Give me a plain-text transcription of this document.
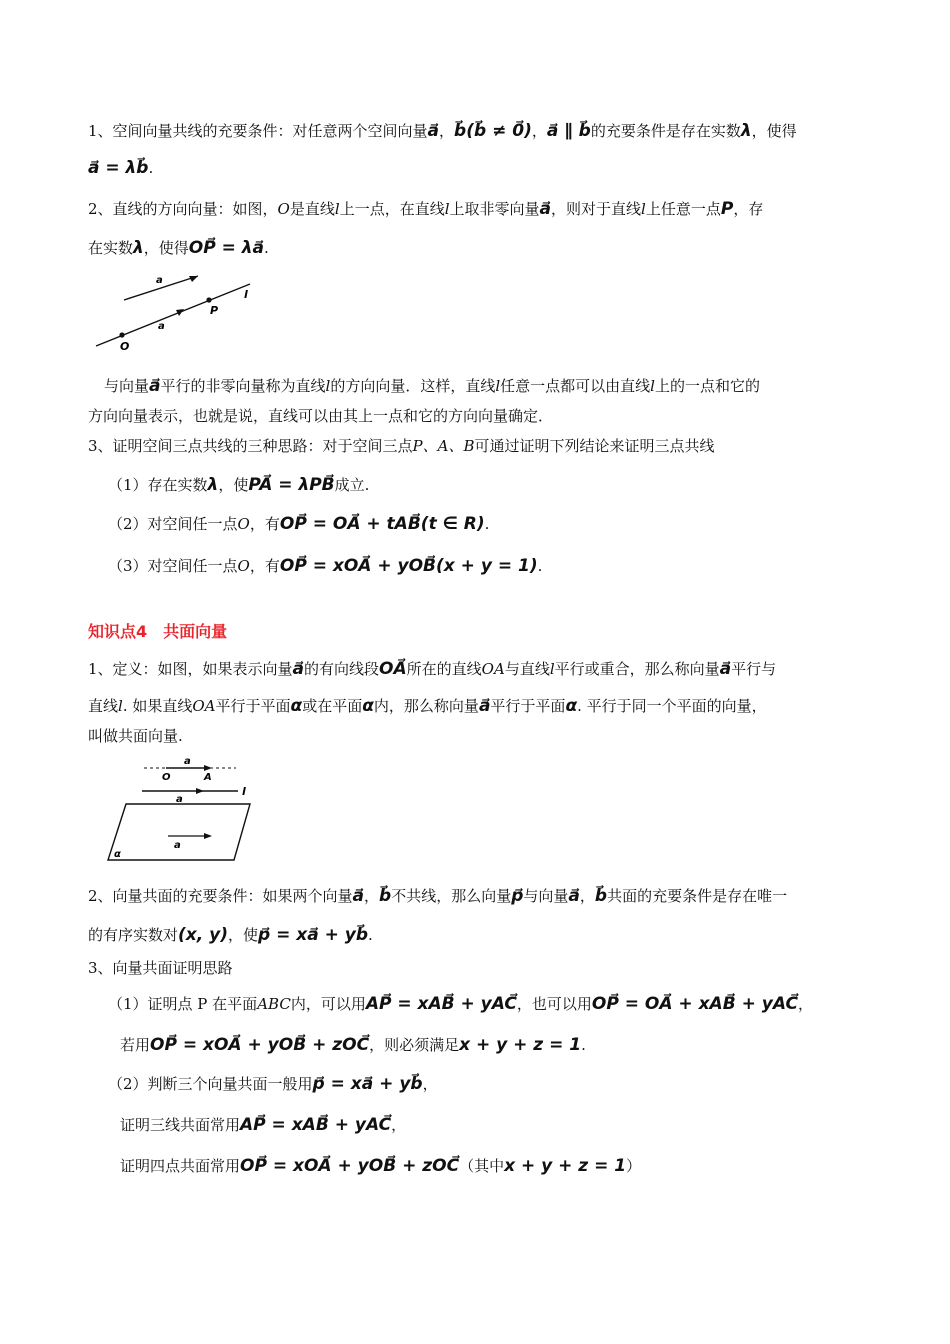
1、空间向量共线的充要条件：对任意两个空间向量a⃗，b⃗(b⃗ ≠ 0⃗)，a⃗ ∥ b⃗的充要条件是存在实数λ，使得
a⃗ = λb⃗.
2、直线的方向向量：如图，O是直线l上一点，在直线l上取非零向量a⃗，则对于直线l上任意一点P，存
在实数λ，使得OP⃗ = λa⃗.
a
l
P
a
O
与向量a⃗平行的非零向量称为直线l的方向向量．这样，直线l任意一点都可以由直线l上的一点和它的
方向向量表示，也就是说，直线可以由其上一点和它的方向向量确定．
3、证明空间三点共线的三种思路：对于空间三点P、A、B可通过证明下列结论来证明三点共线
（1）存在实数λ，使PA⃗ = λPB⃗成立.
（2）对空间任一点O，有OP⃗ = OA⃗ + tAB⃗(t ∈ R).
（3）对空间任一点O，有OP⃗ = xOA⃗ + yOB⃗(x + y = 1).
知识点4　共面向量
1、定义：如图，如果表示向量a⃗的有向线段OA⃗所在的直线OA与直线l平行或重合，那么称向量a⃗平行与
直线l. 如果直线OA平行于平面α或在平面α内，那么称向量a⃗平行于平面α. 平行于同一个平面的向量，
叫做共面向量.
a
O	A
l
a
a
α
2、向量共面的充要条件：如果两个向量a⃗，b⃗不共线，那么向量p⃗与向量a⃗，b⃗共面的充要条件是存在唯一
的有序实数对(x, y)，使p⃗ = xa⃗ + yb⃗.
3、向量共面证明思路
（1）证明点 P 在平面ABC内，可以用AP⃗ = xAB⃗ + yAC⃗，也可以用OP⃗ = OA⃗ + xAB⃗ + yAC⃗，
若用OP⃗ = xOA⃗ + yOB⃗ + zOC⃗，则必须满足x + y + z = 1.
（2）判断三个向量共面一般用p⃗ = xa⃗ + yb⃗，
证明三线共面常用AP⃗ = xAB⃗ + yAC⃗，
证明四点共面常用OP⃗ = xOA⃗ + yOB⃗ + zOC⃗（其中x + y + z = 1）
